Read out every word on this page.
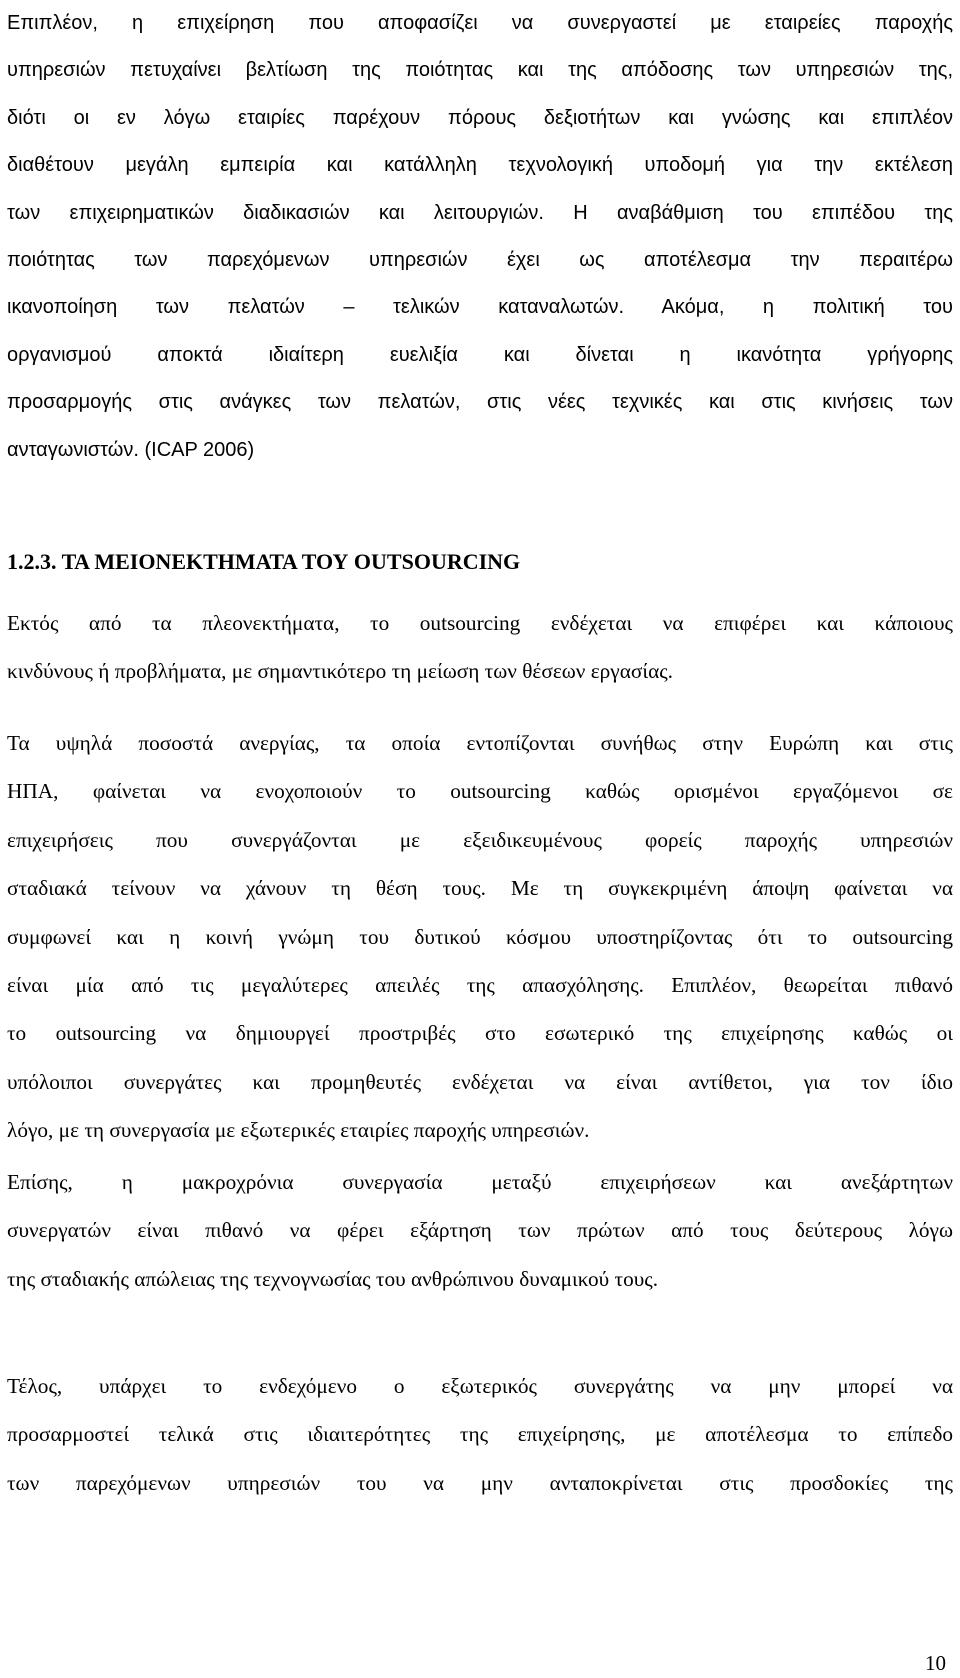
Επιπλέον, η επιχείρηση που αποφασίζει να συνεργαστεί με εταιρείες παροχής
υπηρεσιών πετυχαίνει βελτίωση της ποιότητας και της απόδοσης των υπηρεσιών της,
διότι οι εν λόγω εταιρίες παρέχουν πόρους δεξιοτήτων και γνώσης και επιπλέον
διαθέτουν μεγάλη εμπειρία και κατάλληλη τεχνολογική υποδομή για την εκτέλεση
των επιχειρηματικών διαδικασιών και λειτουργιών. Η αναβάθμιση του επιπέδου της
ποιότητας των παρεχόμενων υπηρεσιών έχει ως αποτέλεσμα την περαιτέρω
ικανοποίηση των πελατών – τελικών καταναλωτών. Ακόμα, η πολιτική του
οργανισμού αποκτά ιδιαίτερη ευελιξία και δίνεται η ικανότητα γρήγορης
προσαρμογής στις ανάγκες των πελατών, στις νέες τεχνικές και στις κινήσεις των
ανταγωνιστών. (ICAP 2006)
1.2.3. ΤΑ ΜΕΙΟΝΕΚΤΗΜΑΤΑ ΤΟΥ OUTSOURCING
Εκτός από τα πλεονεκτήματα, το outsourcing ενδέχεται να επιφέρει και κάποιους
κινδύνους ή προβλήματα, με σημαντικότερο τη μείωση των θέσεων εργασίας.
Τα υψηλά ποσοστά ανεργίας, τα οποία εντοπίζονται συνήθως στην Ευρώπη και στις
ΗΠΑ, φαίνεται να ενοχοποιούν το outsourcing καθώς ορισμένοι εργαζόμενοι σε
επιχειρήσεις που συνεργάζονται με εξειδικευμένους φορείς παροχής υπηρεσιών
σταδιακά τείνουν να χάνουν τη θέση τους. Με τη συγκεκριμένη άποψη φαίνεται να
συμφωνεί και η κοινή γνώμη του δυτικού κόσμου υποστηρίζοντας ότι το outsourcing
είναι μία από τις μεγαλύτερες απειλές της απασχόλησης. Επιπλέον, θεωρείται πιθανό
το outsourcing να δημιουργεί προστριβές στο εσωτερικό της επιχείρησης καθώς οι
υπόλοιποι συνεργάτες και προμηθευτές ενδέχεται να είναι αντίθετοι, για τον ίδιο
λόγο, με τη συνεργασία με εξωτερικές εταιρίες παροχής υπηρεσιών.
Επίσης, η μακροχρόνια συνεργασία μεταξύ επιχειρήσεων και ανεξάρτητων
συνεργατών είναι πιθανό να φέρει εξάρτηση των πρώτων από τους δεύτερους λόγω
της σταδιακής απώλειας της τεχνογνωσίας του ανθρώπινου δυναμικού τους.
Τέλος, υπάρχει το ενδεχόμενο ο εξωτερικός συνεργάτης να μην μπορεί να
προσαρμοστεί τελικά στις ιδιαιτερότητες της επιχείρησης, με αποτέλεσμα το επίπεδο
των παρεχόμενων υπηρεσιών του να μην ανταποκρίνεται στις προσδοκίες της
10
